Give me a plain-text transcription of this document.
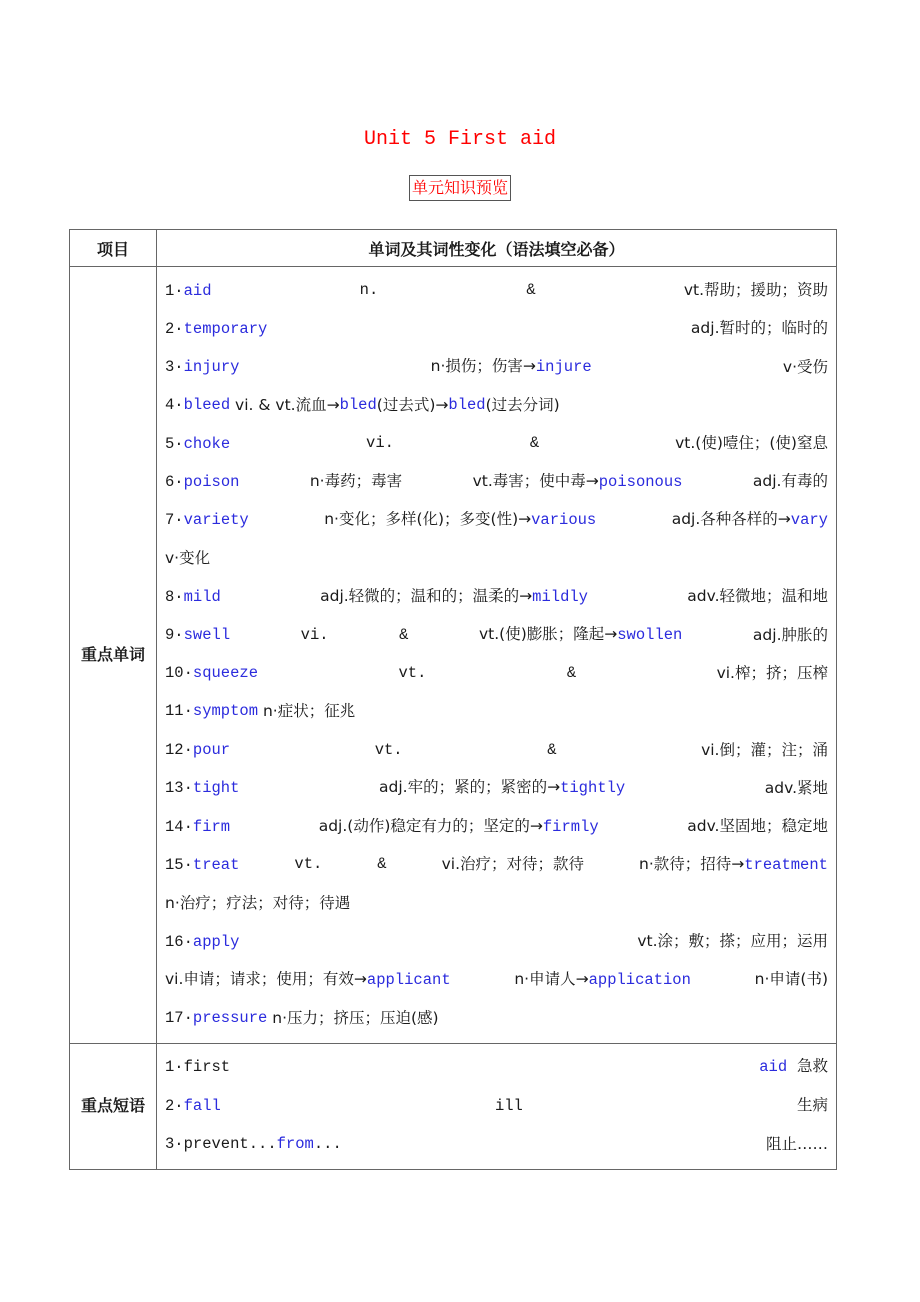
Unit 5 First aid
单元知识预览
项目	单词及其词性变化（语法填空必备）
重点单词	
1·aid	n.	&	vt.帮助；援助；资助
2·temporary	adj.暂时的；临时的
3·injury	n·损伤；伤害→injure	v·受伤
4· bleed vi. & vt.流血→ bled (过去式)→ bled (过去分词)
5·choke	vi.	&	vt.(使)噎住；(使)窒息
6·poison	n·毒药；毒害	vt.毒害；使中毒→poisonous	adj.有毒的
7·variety	n·变化；多样(化)；多变(性)→various	adj.各种各样的→vary
v·变化
8·mild	adj.轻微的；温和的；温柔的→mildly	adv.轻微地；温和地
9·swell	vi.	&	vt.(使)膨胀；隆起→swollen	adj.肿胀的
10·squeeze	vt.	&	vi.榨；挤；压榨
11· symptom n·症状；征兆
12·pour	vt.	&	vi.倒；灌；注；涌
13·tight	adj.牢的；紧的；紧密的→tightly	adv.紧地
14·firm	adj.(动作)稳定有力的；坚定的→firmly	adv.坚固地；稳定地
15·treat	vt.	&	vi.治疗；对待；款待	n·款待；招待→treatment
n·治疗；疗法；对待；待遇
16·apply	vt.涂；敷；搽；应用；运用
vi.申请；请求；使用；有效→applicant	n·申请人→application	n·申请(书)
17· pressure n·压力；挤压；压迫(感)

重点短语	
1·first	aid  急救
2·fall	ill	生病
3·prevent...from...	阻止……
